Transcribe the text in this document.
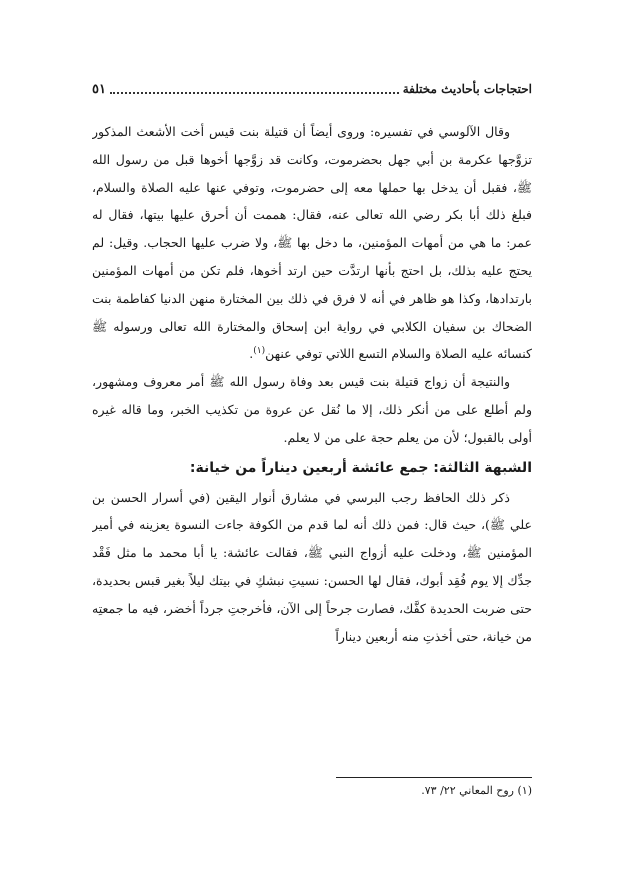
احتجاجات بأحاديث مختلفة
٥١

وقال الآلوسي في تفسيره: وروى أيضاً أن قتيلة بنت قيس أخت الأشعث المذكور تزوَّجها عكرمة بن أبي جهل بحضرموت، وكانت قد زوَّجها أخوها قبل من رسول الله ﷺ، فقبل أن يدخل بها حملها معه إلى حضرموت، وتوفي عنها عليه الصلاة والسلام، فبلغ ذلك أبا بكر رضي الله تعالى عنه، فقال: هممت أن أحرق عليها بيتها، فقال له عمر: ما هي من أمهات المؤمنين، ما دخل بها ﷺ، ولا ضرب عليها الحجاب. وقيل: لم يحتج عليه بذلك، بل احتج بأنها ارتدَّت حين ارتد أخوها، فلم تكن من أمهات المؤمنين بارتدادها، وكذا هو ظاهر في أنه لا فرق في ذلك بين المختارة منهن الدنيا كفاطمة بنت الضحاك بن سفيان الكلابي في رواية ابن إسحاق والمختارة الله تعالى ورسوله ﷺ كنسائه عليه الصلاة والسلام التسع اللاتي توفي عنهن$^{(١)}$.

والنتيجة أن زواج قتيلة بنت قيس بعد وفاة رسول الله ﷺ أمر معروف ومشهور، ولم أطلع على من أنكر ذلك، إلا ما نُقل عن عروة من تكذيب الخبر، وما قاله غيره أولى بالقبول؛ لأن من يعلم حجة على من لا يعلم.

الشبهة الثالثة: جمع عائشة أربعين ديناراً من خيانة:

ذكر ذلك الحافظ رجب البرسي في مشارق أنوار اليقين (في أسرار الحسن بن علي ﷺ)، حيث قال: فمن ذلك أنه لما قدم من الكوفة جاءت النسوة يعزينه في أمير المؤمنين ﷺ، ودخلت عليه أزواج النبي ﷺ، فقالت عائشة: يا أبا محمد ما مثل فَقْد جدِّك إلا يوم فُقِد أبوك، فقال لها الحسن: نسيتِ نبشكِ في بيتك ليلاً بغير قبس بحديدة، حتى ضربت الحديدة كفَّك، فصارت جرحاً إلى الآن، فأخرجتِ جرداً أخضر، فيه ما جمعتِه من خيانة، حتى أخذتِ منه أربعين ديناراً

(١) روح المعاني ٢٢/ ٧٣.
